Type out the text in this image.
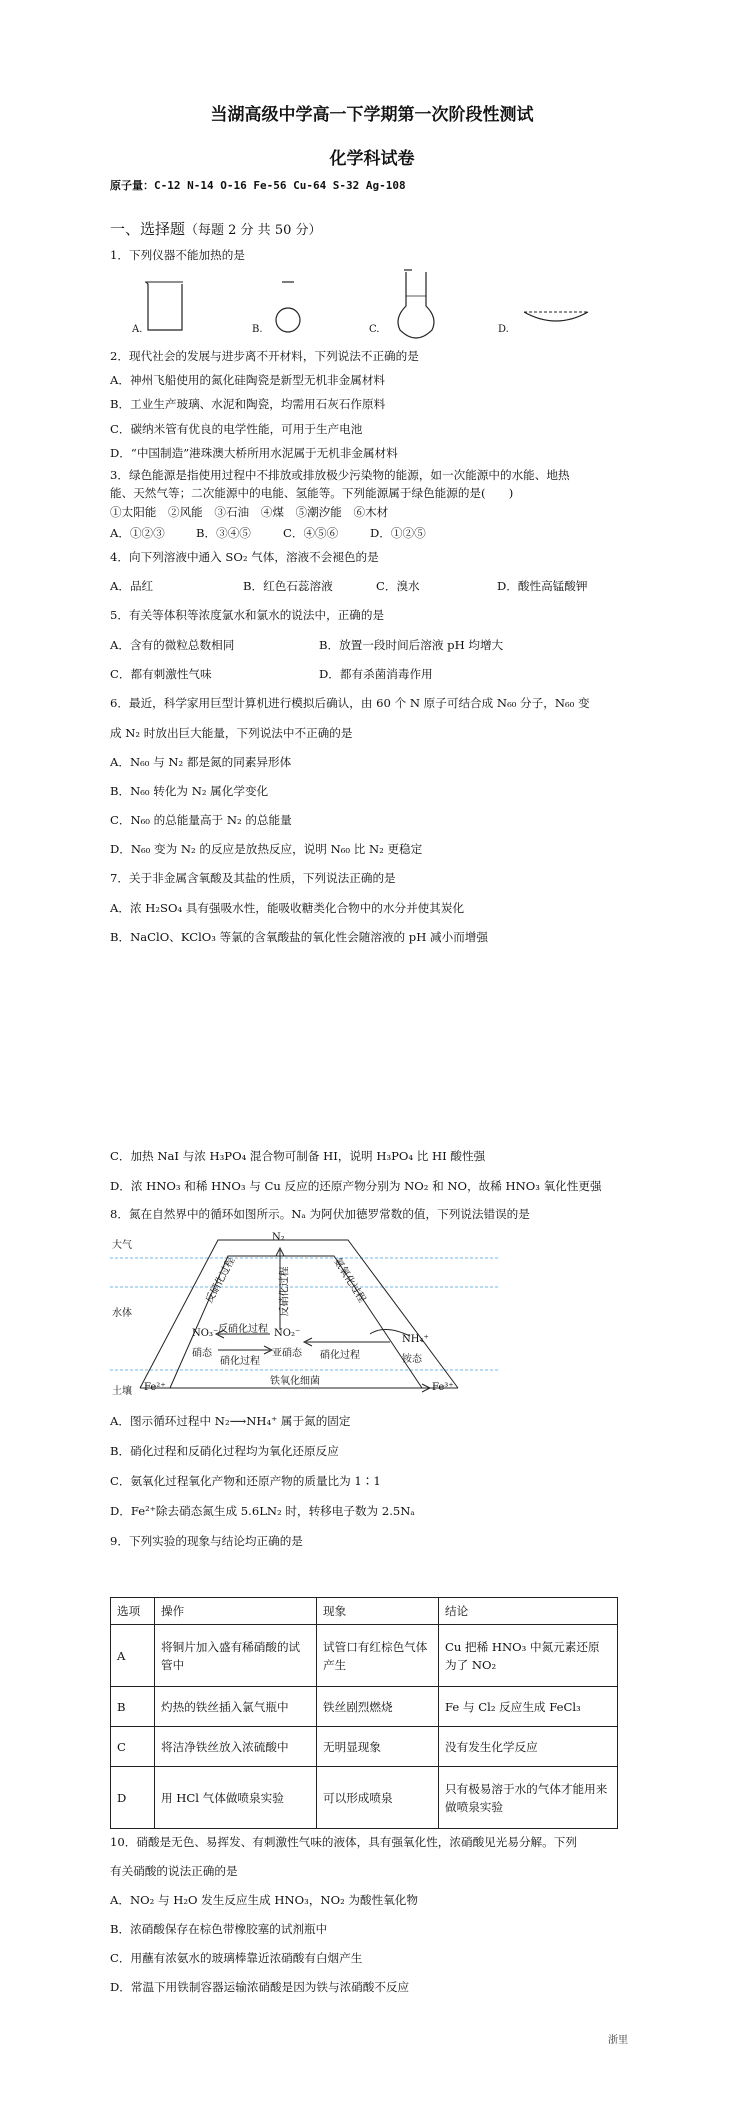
当湖高级中学高一下学期第一次阶段性测试
化学科试卷
原子量：C-12 N-14 O-16 Fe-56 Cu-64 S-32 Ag-108
一、选择题（每题 2 分 共 50 分）
1．下列仪器不能加热的是
A.	B.	C.	D.
2．现代社会的发展与进步离不开材料，下列说法不正确的是
A．神州飞船使用的氮化硅陶瓷是新型无机非金属材料
B．工业生产玻璃、水泥和陶瓷，均需用石灰石作原料
C．碳纳米管有优良的电学性能，可用于生产电池
D．“中国制造”港珠澳大桥所用水泥属于无机非金属材料
3．绿色能源是指使用过程中不排放或排放极少污染物的能源，如一次能源中的水能、地热
能、天然气等；二次能源中的电能、氢能等。下列能源属于绿色能源的是(　　)
①太阳能　②风能　③石油　④煤　⑤潮汐能　⑥木材
A．①②③	B．③④⑤	C．④⑤⑥	D．①②⑤
4．向下列溶液中通入 SO₂ 气体，溶液不会褪色的是
A．品红	B．红色石蕊溶液	C．溴水	D．酸性高锰酸钾
5．有关等体积等浓度氯水和氯水的说法中，正确的是
A．含有的微粒总数相同	B．放置一段时间后溶液 pH 均增大
C．都有刺激性气味	D．都有杀菌消毒作用
6．最近，科学家用巨型计算机进行模拟后确认，由 60 个 N 原子可结合成 N₆₀ 分子，N₆₀ 变
成 N₂ 时放出巨大能量，下列说法中不正确的是
A．N₆₀ 与 N₂ 都是氮的同素异形体
B．N₆₀ 转化为 N₂ 属化学变化
C．N₆₀ 的总能量高于 N₂ 的总能量
D．N₆₀ 变为 N₂ 的反应是放热反应，说明 N₆₀ 比 N₂ 更稳定
7．关于非金属含氧酸及其盐的性质，下列说法正确的是
A．浓 H₂SO₄ 具有强吸水性，能吸收糖类化合物中的水分并使其炭化
B．NaClO、KClO₃ 等氯的含氧酸盐的氧化性会随溶液的 pH 减小而增强
C．加热 NaI 与浓 H₃PO₄ 混合物可制备 HI，说明 H₃PO₄ 比 HI 酸性强
D．浓 HNO₃ 和稀 HNO₃ 与 Cu 反应的还原产物分别为 NO₂ 和 NO，故稀 HNO₃ 氧化性更强
8．氮在自然界中的循环如图所示。Nₐ 为阿伏加德罗常数的值，下列说法错误的是
大气
水体
土壤
N₂
NO₃⁻
硝态
NO₂⁻
亚硝态
NH₄⁺
铵态
Fe²⁺	Fe³⁺
反硝化过程	反硝化过程	氨氧化过程
反硝化过程
硝化过程
硝化过程
铁氧化细菌
A．图示循环过程中 N₂⟶NH₄⁺ 属于氮的固定
B．硝化过程和反硝化过程均为氧化还原反应
C．氨氧化过程氧化产物和还原产物的质量比为 1∶1
D．Fe²⁺除去硝态氮生成 5.6LN₂ 时，转移电子数为 2.5Nₐ
9．下列实验的现象与结论均正确的是
选项	操作	现象	结论
A	将铜片加入盛有稀硝酸的试管中	试管口有红棕色气体产生	Cu 把稀 HNO₃ 中氮元素还原为了 NO₂
B	灼热的铁丝插入氯气瓶中	铁丝剧烈燃烧	Fe 与 Cl₂ 反应生成 FeCl₃
C	将洁净铁丝放入浓硫酸中	无明显现象	没有发生化学反应
D	用 HCl 气体做喷泉实验	可以形成喷泉	只有极易溶于水的气体才能用来做喷泉实验
10．硝酸是无色、易挥发、有刺激性气味的液体，具有强氧化性，浓硝酸见光易分解。下列
有关硝酸的说法正确的是
A．NO₂ 与 H₂O 发生反应生成 HNO₃，NO₂ 为酸性氧化物
B．浓硝酸保存在棕色带橡胶塞的试剂瓶中
C．用蘸有浓氨水的玻璃棒靠近浓硝酸有白烟产生
D．常温下用铁制容器运输浓硝酸是因为铁与浓硝酸不反应
浙里
